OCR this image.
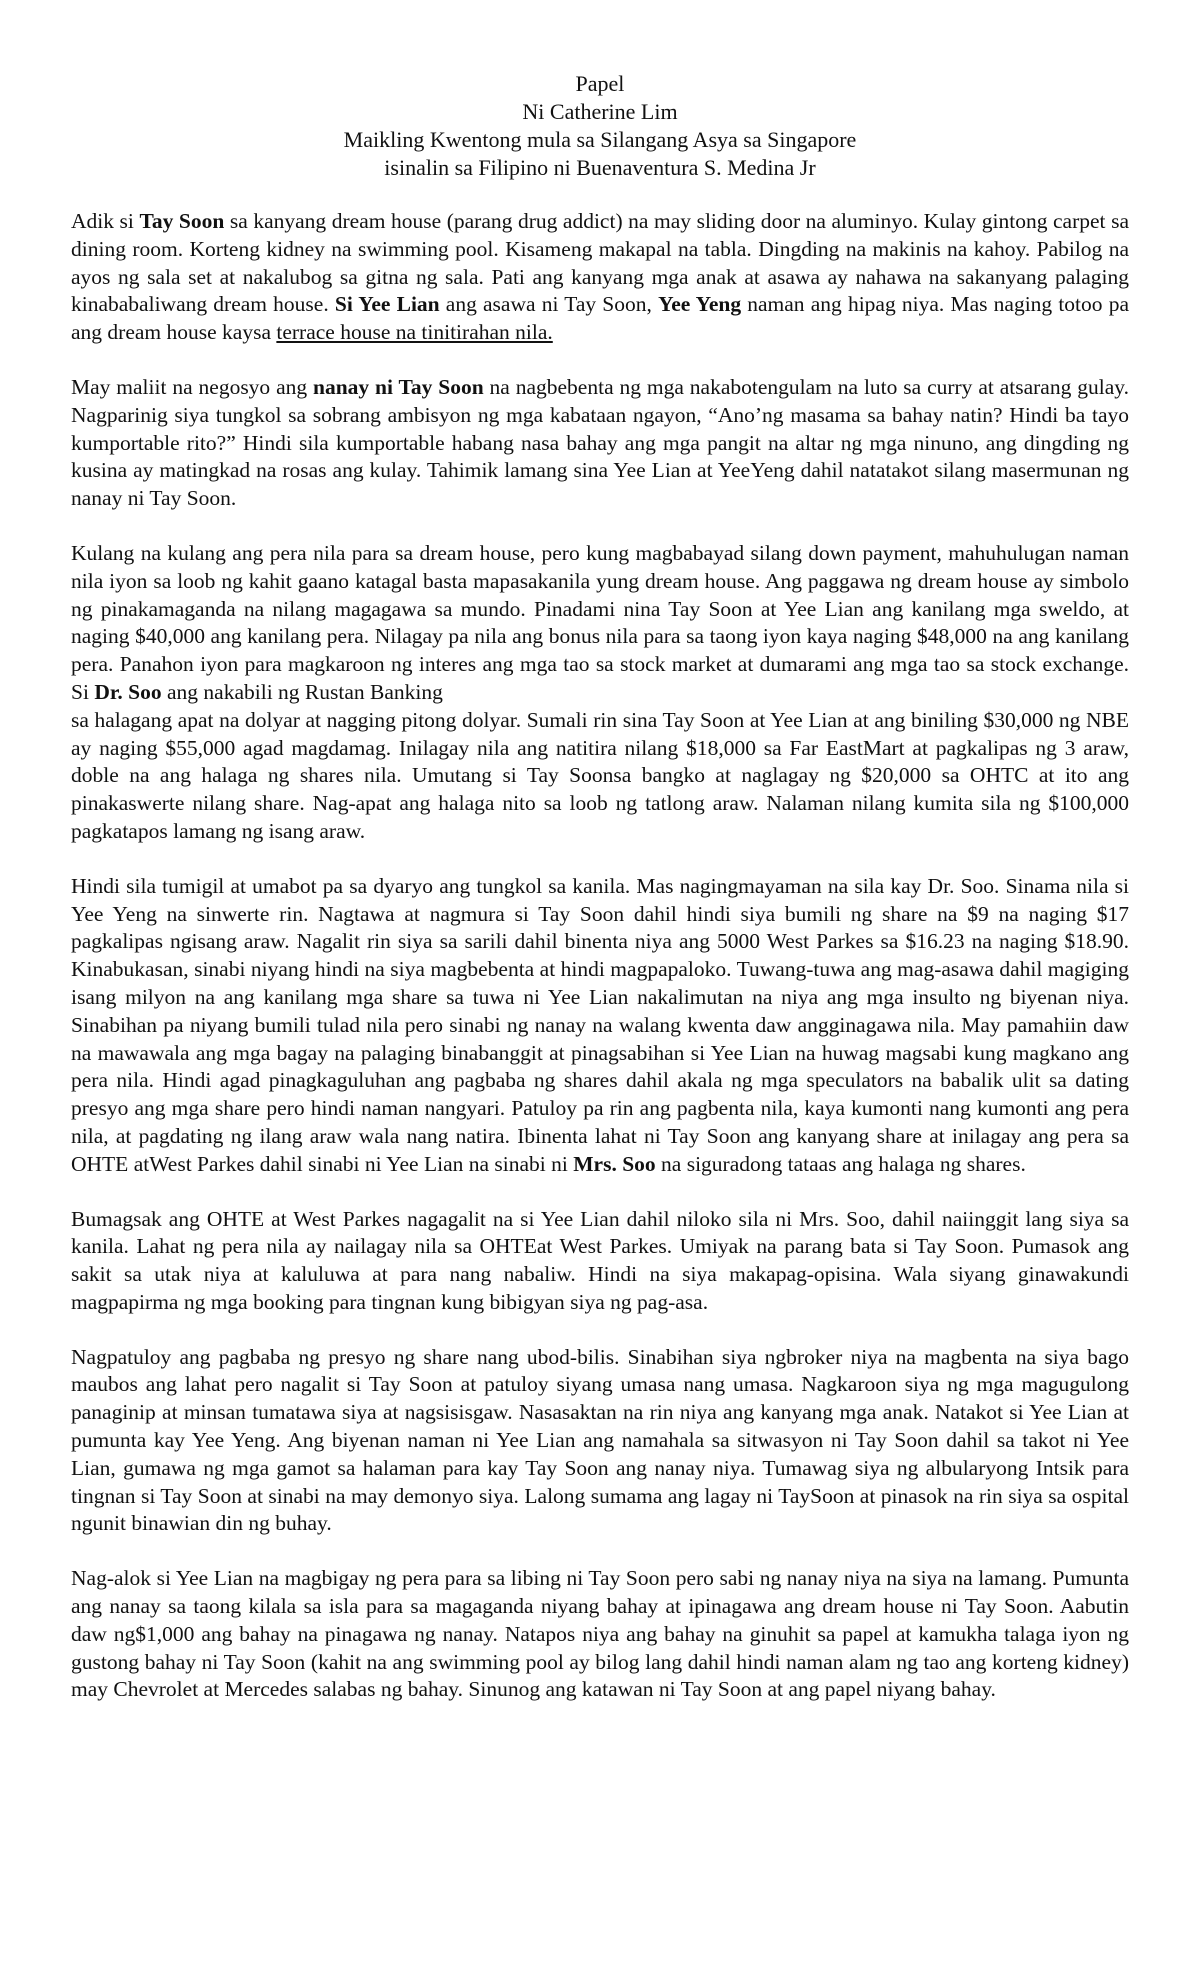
Papel
Ni Catherine Lim
Maikling Kwentong mula sa Silangang Asya sa Singapore
isinalin sa Filipino ni Buenaventura S. Medina Jr

Adik si Tay Soon sa kanyang dream house (parang drug addict) na may sliding door na aluminyo. Kulay gintong carpet sa dining room. Korteng kidney na swimming pool. Kisameng makapal na tabla. Dingding na makinis na kahoy. Pabilog na ayos ng sala set at nakalubog sa gitna ng sala. Pati ang kanyang mga anak at asawa ay nahawa na sakanyang palaging kinababaliwang dream house. Si Yee Lian ang asawa ni Tay Soon, Yee Yeng naman ang hipag niya. Mas naging totoo pa ang dream house kaysa terrace house na tinitirahan nila.

May maliit na negosyo ang nanay ni Tay Soon na nagbebenta ng mga nakabotengulam na luto sa curry at atsarang gulay. Nagparinig siya tungkol sa sobrang ambisyon ng mga kabataan ngayon, “Ano’ng masama sa bahay natin? Hindi ba tayo kumportable rito?” Hindi sila kumportable habang nasa bahay ang mga pangit na altar ng mga ninuno, ang dingding ng kusina ay matingkad na rosas ang kulay. Tahimik lamang sina Yee Lian at YeeYeng dahil natatakot silang masermunan ng nanay ni Tay Soon.

Kulang na kulang ang pera nila para sa dream house, pero kung magbabayad silang down payment, mahuhulugan naman nila iyon sa loob ng kahit gaano katagal basta mapasakanila yung dream house. Ang paggawa ng dream house ay simbolo ng pinakamaganda na nilang magagawa sa mundo. Pinadami nina Tay Soon at Yee Lian ang kanilang mga sweldo, at naging $40,000 ang kanilang pera. Nilagay pa nila ang bonus nila para sa taong iyon kaya naging $48,000 na ang kanilang pera. Panahon iyon para magkaroon ng interes ang mga tao sa stock market at dumarami ang mga tao sa stock exchange. Si Dr. Soo ang nakabili ng Rustan Banking
sa halagang apat na dolyar at nagging pitong dolyar. Sumali rin sina Tay Soon at Yee Lian at ang biniling $30,000 ng NBE ay naging $55,000 agad magdamag. Inilagay nila ang natitira nilang $18,000 sa Far EastMart at pagkalipas ng 3 araw, doble na ang halaga ng shares nila. Umutang si Tay Soonsa bangko at naglagay ng $20,000 sa OHTC at ito ang pinakaswerte nilang share. Nag-apat ang halaga nito sa loob ng tatlong araw. Nalaman nilang kumita sila ng $100,000 pagkatapos lamang ng isang araw.

Hindi sila tumigil at umabot pa sa dyaryo ang tungkol sa kanila. Mas nagingmayaman na sila kay Dr. Soo. Sinama nila si Yee Yeng na sinwerte rin. Nagtawa at nagmura si Tay Soon dahil hindi siya bumili ng share na $9 na naging $17 pagkalipas ngisang araw. Nagalit rin siya sa sarili dahil binenta niya ang 5000 West Parkes sa $16.23 na naging $18.90. Kinabukasan, sinabi niyang hindi na siya magbebenta at hindi magpapaloko. Tuwang-tuwa ang mag-asawa dahil magiging isang milyon na ang kanilang mga share sa tuwa ni Yee Lian nakalimutan na niya ang mga insulto ng biyenan niya. Sinabihan pa niyang bumili tulad nila pero sinabi ng nanay na walang kwenta daw angginagawa nila. May pamahiin daw na mawawala ang mga bagay na palaging binabanggit at pinagsabihan si Yee Lian na huwag magsabi kung magkano ang pera nila. Hindi agad pinagkaguluhan ang pagbaba ng shares dahil akala ng mga speculators na babalik ulit sa dating presyo ang mga share pero hindi naman nangyari. Patuloy pa rin ang pagbenta nila, kaya kumonti nang kumonti ang pera nila, at pagdating ng ilang araw wala nang natira. Ibinenta lahat ni Tay Soon ang kanyang share at inilagay ang pera sa OHTE atWest Parkes dahil sinabi ni Yee Lian na sinabi ni Mrs. Soo na siguradong tataas ang halaga ng shares.

Bumagsak ang OHTE at West Parkes nagagalit na si Yee Lian dahil niloko sila ni Mrs. Soo, dahil naiinggit lang siya sa kanila. Lahat ng pera nila ay nailagay nila sa OHTEat West Parkes. Umiyak na parang bata si Tay Soon. Pumasok ang sakit sa utak niya at kaluluwa at para nang nabaliw. Hindi na siya makapag-opisina. Wala siyang ginawakundi magpapirma ng mga booking para tingnan kung bibigyan siya ng pag-asa.

Nagpatuloy ang pagbaba ng presyo ng share nang ubod-bilis. Sinabihan siya ngbroker niya na magbenta na siya bago maubos ang lahat pero nagalit si Tay Soon at patuloy siyang umasa nang umasa. Nagkaroon siya ng mga magugulong panaginip at minsan tumatawa siya at nagsisisgaw. Nasasaktan na rin niya ang kanyang mga anak. Natakot si Yee Lian at pumunta kay Yee Yeng. Ang biyenan naman ni Yee Lian ang namahala sa sitwasyon ni Tay Soon dahil sa takot ni Yee Lian, gumawa ng mga gamot sa halaman para kay Tay Soon ang nanay niya. Tumawag siya ng albularyong Intsik para tingnan si Tay Soon at sinabi na may demonyo siya. Lalong sumama ang lagay ni TaySoon at pinasok na rin siya sa ospital ngunit binawian din ng buhay.

Nag-alok si Yee Lian na magbigay ng pera para sa libing ni Tay Soon pero sabi ng nanay niya na siya na lamang. Pumunta ang nanay sa taong kilala sa isla para sa magaganda niyang bahay at ipinagawa ang dream house ni Tay Soon. Aabutin daw ng$1,000 ang bahay na pinagawa ng nanay. Natapos niya ang bahay na ginuhit sa papel at kamukha talaga iyon ng gustong bahay ni Tay Soon (kahit na ang swimming pool ay bilog lang dahil hindi naman alam ng tao ang korteng kidney) may Chevrolet at Mercedes salabas ng bahay. Sinunog ang katawan ni Tay Soon at ang papel niyang bahay.
